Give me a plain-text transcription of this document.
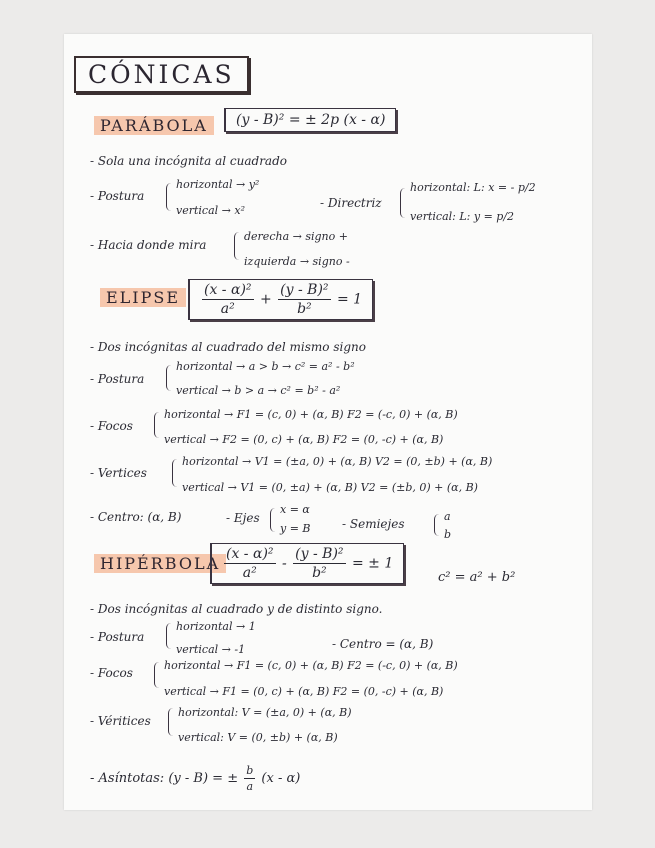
CÓNICAS
PARÁBOLA	(y - B)² = ± 2p (x - α)
- Sola una incógnita al cuadrado
- Postura
horizontal → y²
vertical → x²
- Directriz
horizontal: L: x = - p/2
vertical: L: y = p/2
- Hacia donde mira
derecha → signo +
izquierda → signo -
ELIPSE	$\frac{\text{(x - α)²}}{\text{a²}} + \frac{\text{(y - B)²}}{\text{b²}} = 1$
- Dos incógnitas al cuadrado del mismo signo
- Postura
horizontal → a > b → c² = a² - b²
vertical → b > a → c² = b² - a²
- Focos
horizontal → F1 = (c, 0) + (α, B) F2 = (-c, 0) + (α, B)
vertical → F2 = (0, c) + (α, B) F2 = (0, -c) + (α, B)
- Vertices
horizontal → V1 = (±a, 0) + (α, B) V2 = (0, ±b) + (α, B)
vertical → V1 = (0, ±a) + (α, B) V2 = (±b, 0) + (α, B)
- Centro: (α, B)	- Ejes
x = α
y = B	- Semiejes
a
b
HIPÉRBOLA $\frac{\text{(x - α)²}}{\text{a²}} - \frac{\text{(y - B)²}}{\text{b²}}$ = ± 1
c² = a² + b²
- Dos incógnitas al cuadrado y de distinto signo.
- Postura
horizontal → 1
vertical → -1	- Centro = (α, B)
- Focos
horizontal → F1 = (c, 0) + (α, B) F2 = (-c, 0) + (α, B)
vertical → F1 = (0, c) + (α, B) F2 = (0, -c) + (α, B)
- Véritices
horizontal: V = (±a, 0) + (α, B)
vertical: V = (0, ±b) + (α, B)
- Asíntotas: (y - B) = ± $\frac{b}{a} (x - \alpha)$
